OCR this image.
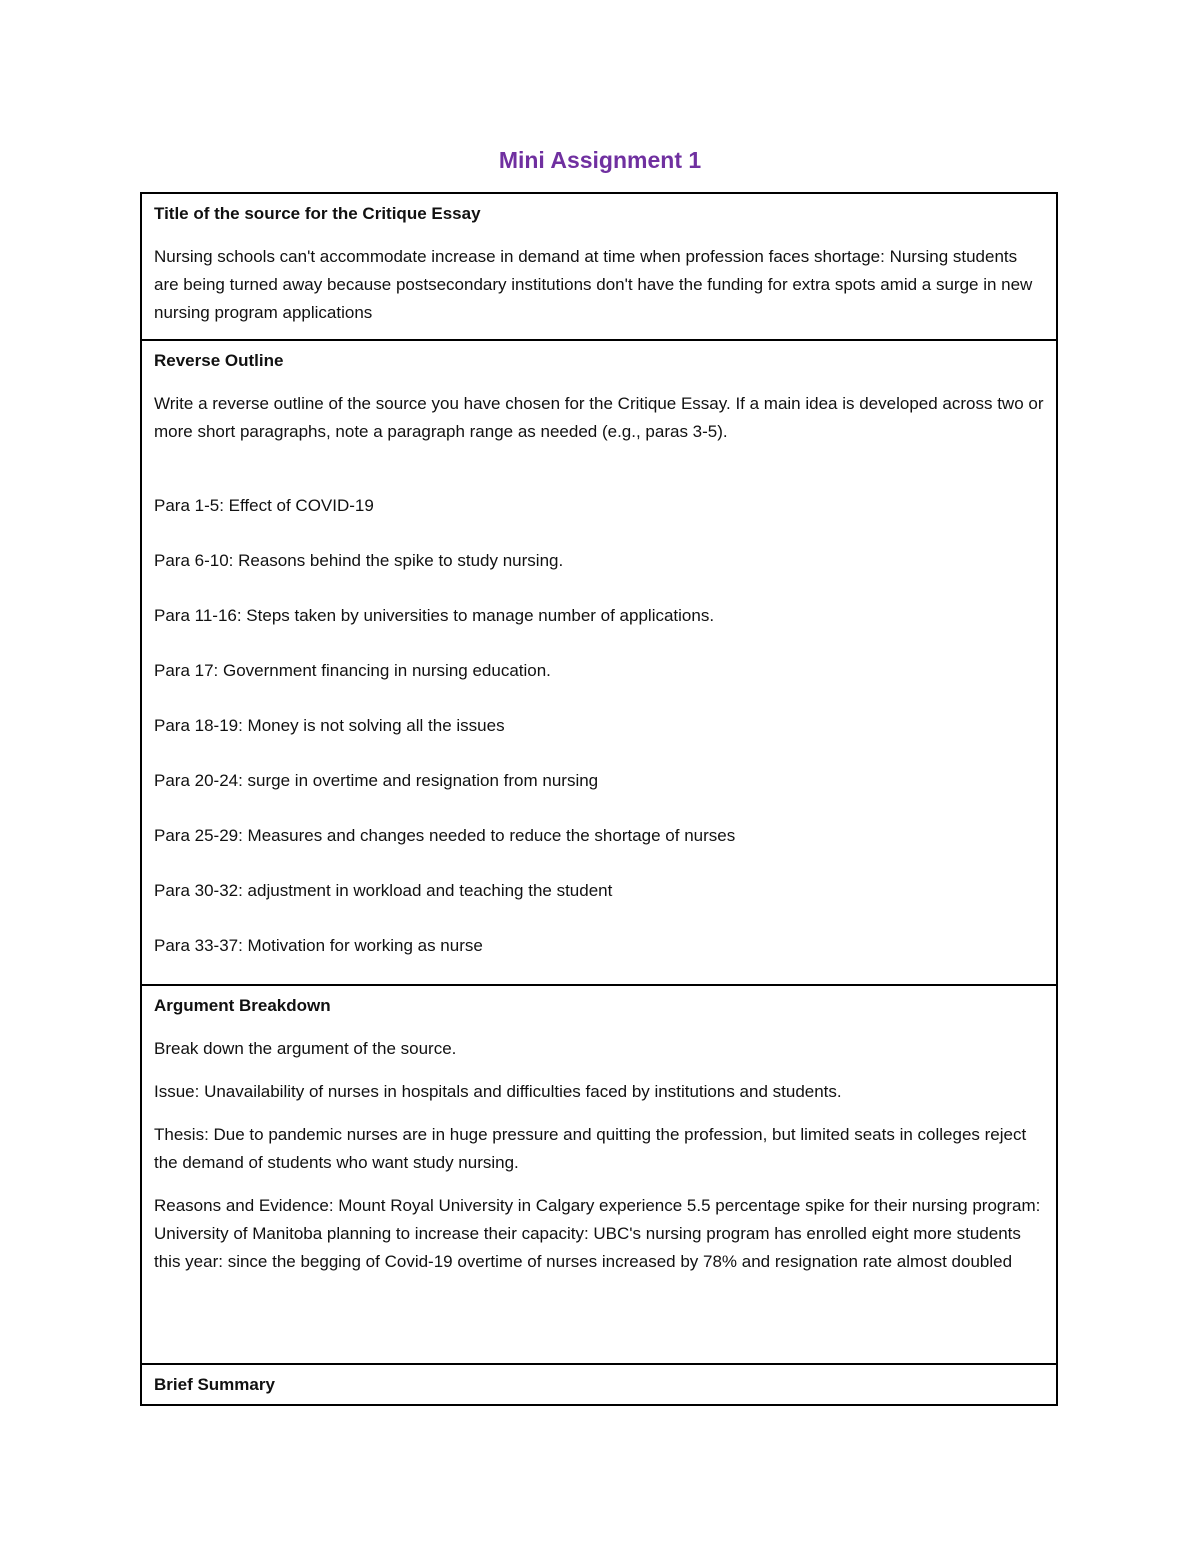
Mini Assignment 1

Title of the source for the Critique Essay

Nursing schools can't accommodate increase in demand at time when profession faces shortage: Nursing students are being turned away because postsecondary institutions don't have the funding for extra spots amid a surge in new nursing program applications

Reverse Outline

Write a reverse outline of the source you have chosen for the Critique Essay. If a main idea is developed across two or more short paragraphs, note a paragraph range as needed (e.g., paras 3-5).

Para 1-5: Effect of COVID-19

Para 6-10: Reasons behind the spike to study nursing.

Para 11-16: Steps taken by universities to manage number of applications.

Para 17: Government financing in nursing education.

Para 18-19: Money is not solving all the issues

Para 20-24: surge in overtime and resignation from nursing

Para 25-29: Measures and changes needed to reduce the shortage of nurses

Para 30-32: adjustment in workload and teaching the student

Para 33-37: Motivation for working as nurse

Argument Breakdown

Break down the argument of the source.

Issue: Unavailability of nurses in hospitals and difficulties faced by institutions and students.

Thesis: Due to pandemic nurses are in huge pressure and quitting the profession, but limited seats in colleges reject the demand of students who want study nursing.

Reasons and Evidence: Mount Royal University in Calgary experience 5.5 percentage spike for their nursing program: University of Manitoba planning to increase their capacity: UBC's nursing program has enrolled eight more students this year: since the begging of Covid-19 overtime of nurses increased by 78% and resignation rate almost doubled

Brief Summary
